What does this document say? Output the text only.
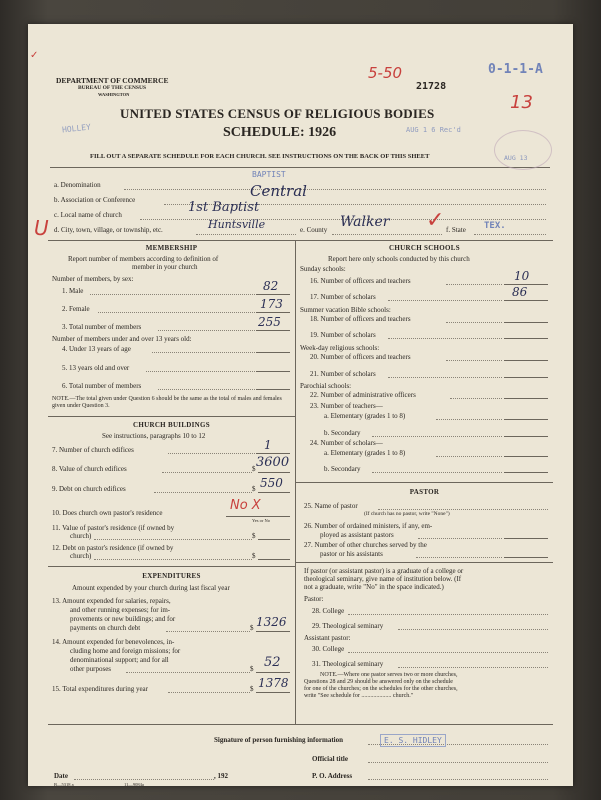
DEPARTMENT OF COMMERCE
BUREAU OF THE CENSUS
WASHINGTON
UNITED STATES CENSUS OF RELIGIOUS BODIES
SCHEDULE: 1926
FILL OUT A SEPARATE SCHEDULE FOR EACH CHURCH. SEE INSTRUCTIONS ON THE BACK OF THIS SHEET
5-50
21728
0-1-1-A
13
HOLLEY	AUG 1 6 Rec'd
AUG 13
✓
a. Denomination
BAPTIST
b. Association or Conference	Central
c. Local name of church	1st Baptist
d. City, town, village, or township, etc.	Huntsville	e. County Walker	f. State TEX.
✓
U
MEMBERSHIP
Report number of members according to definition of
member in your church
Number of members, by sex:
1. Male	82
2. Female	173
3. Total number of members	255
Number of members under and over 13 years old:
4. Under 13 years of age
5. 13 years old and over
6. Total number of members
NOTE.—The total given under Question 6 should be the same as the total of males and females given under Question 3.
CHURCH BUILDINGS
See instructions, paragraphs 10 to 12
7. Number of church edifices	1
8. Value of church edifices	$ 3600
9. Debt on church edifices	$ 550
10. Does church own pastor's residence	No X
Yes or No
11. Value of pastor's residence (if owned by
church)	$
12. Debt on pastor's residence (if owned by
church)	$
EXPENDITURES
Amount expended by your church during last fiscal year
13. Amount expended for salaries, repairs,
and other running expenses; for im-
provements or new buildings; and for
payments on church debt	$ 1326
14. Amount expended for benevolences, in-
cluding home and foreign missions; for
denominational support; and for all
other purposes	$ 52
15. Total expenditures during year	$ 1378
CHURCH SCHOOLS
Report here only schools conducted by this church
Sunday schools:
16. Number of officers and teachers	10
17. Number of scholars	86
Summer vacation Bible schools:
18. Number of officers and teachers
19. Number of scholars
Week-day religious schools:
20. Number of officers and teachers
21. Number of scholars
Parochial schools:
22. Number of administrative officers
23. Number of teachers—
a. Elementary (grades 1 to 8)
b. Secondary
24. Number of scholars—
a. Elementary (grades 1 to 8)
b. Secondary
PASTOR
25. Name of pastor
(If church has no pastor, write "None")
26. Number of ordained ministers, if any, em-
ployed as assistant pastors
27. Number of other churches served by the
pastor or his assistants
If pastor (or assistant pastor) is a graduate of a college or
theological seminary, give name of institution below. (If
not a graduate, write "No" in the space indicated.)
Pastor:
28. College
29. Theological seminary
Assistant pastor:
30. College
31. Theological seminary
NOTE.—Where one pastor serves two or more churches,
Questions 28 and 29 should be answered only on the schedule
for one of the churches; on the schedules for the other churches,
write "See schedule for .................... church."
Signature of person furnishing information	E. S. HIDLEY
Official title
Date	, 192	P. O. Address
B—5318 a	11—9084a
